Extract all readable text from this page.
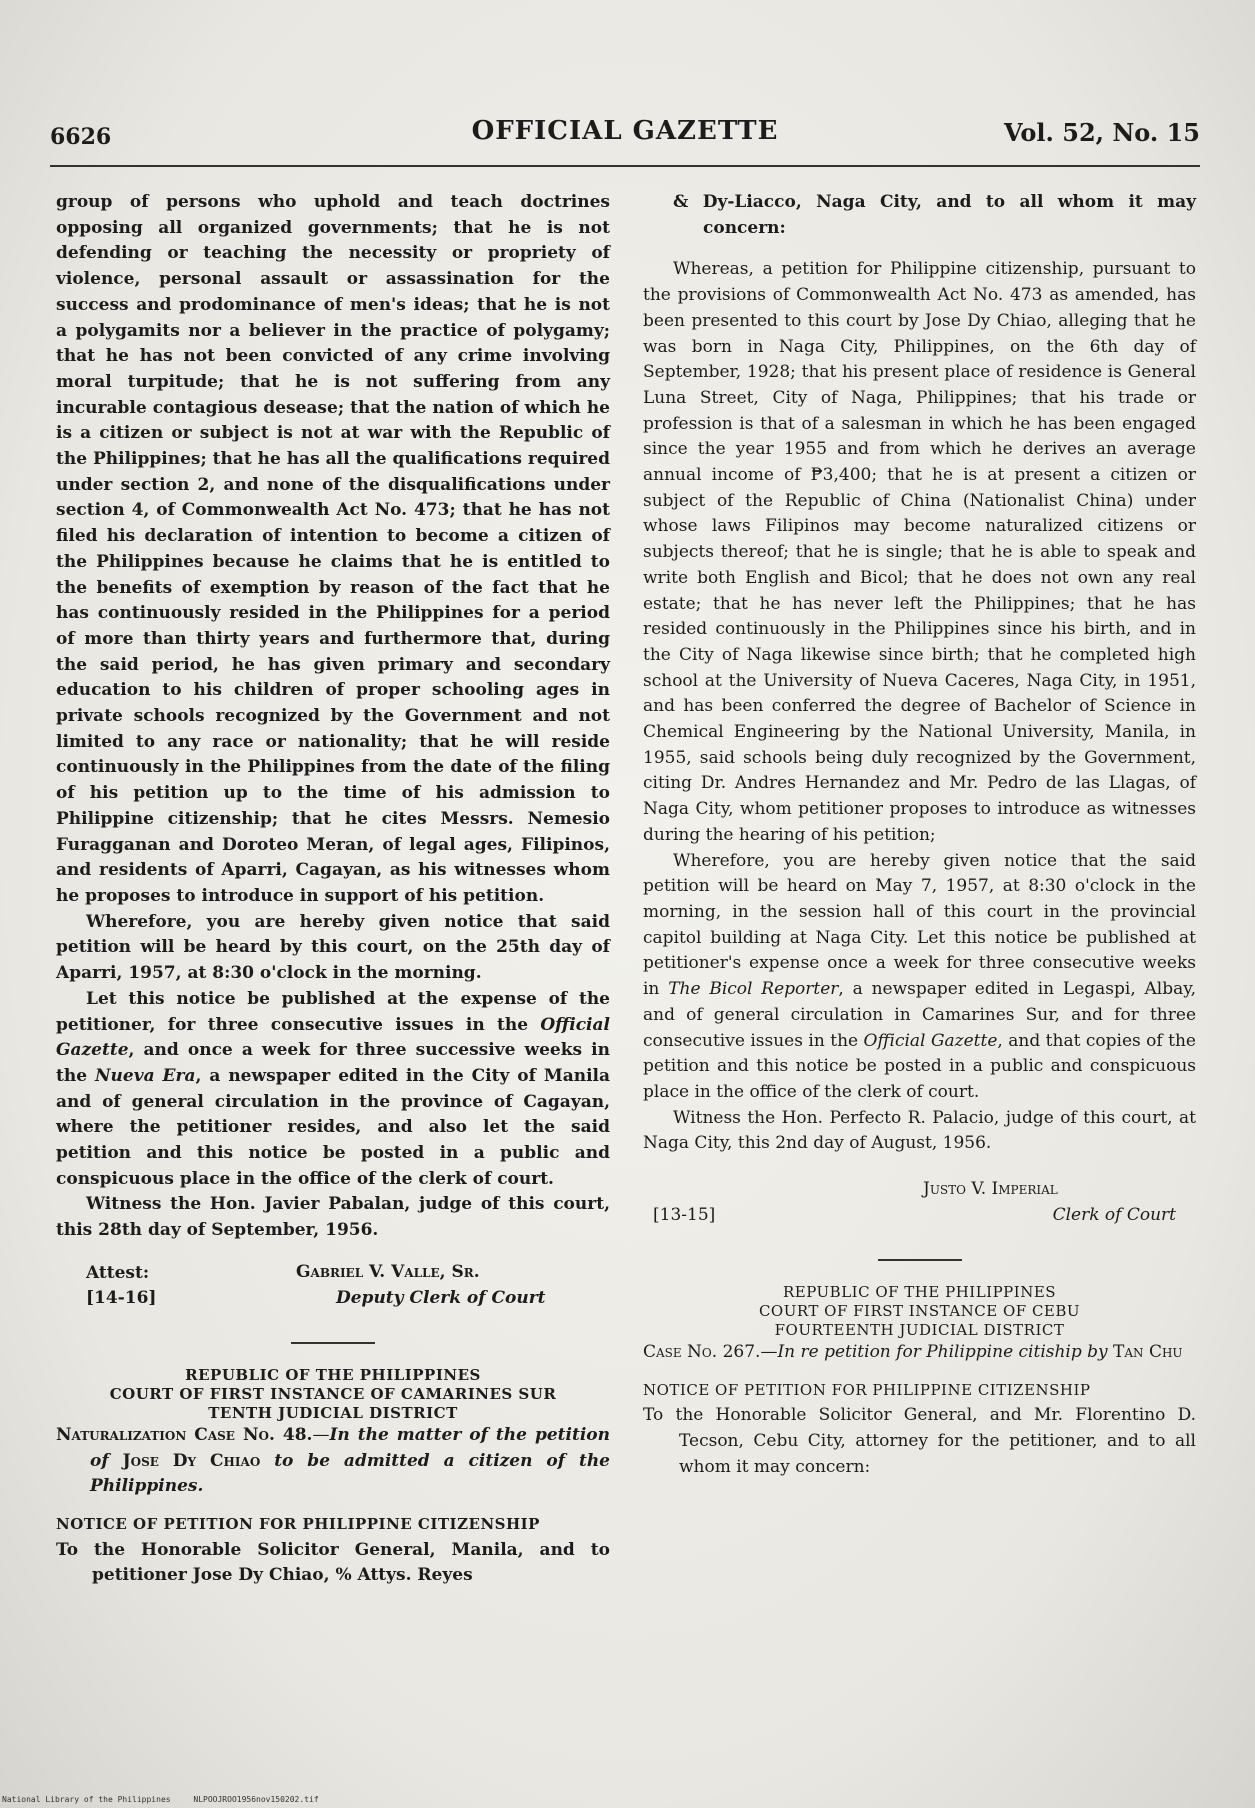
6626	OFFICIAL GAZETTE	Vol. 52, No. 15

group of persons who uphold and teach doctrines opposing all organized governments; that he is not defending or teaching the necessity or propriety of violence, personal assault or assassination for the success and prodominance of men's ideas; that he is not a polygamits nor a believer in the practice of polygamy; that he has not been convicted of any crime involving moral turpitude; that he is not suffering from any incurable contagious desease; that the nation of which he is a citizen or subject is not at war with the Republic of the Philippines; that he has all the qualifications required under section 2, and none of the disqualifications under section 4, of Commonwealth Act No. 473; that he has not filed his declaration of intention to become a citizen of the Philippines because he claims that he is entitled to the benefits of exemption by reason of the fact that he has continuously resided in the Philippines for a period of more than thirty years and furthermore that, during the said period, he has given primary and secondary education to his children of proper schooling ages in private schools recognized by the Government and not limited to any race or nationality; that he will reside continuously in the Philippines from the date of the filing of his petition up to the time of his admission to Philippine citizenship; that he cites Messrs. Nemesio Furagganan and Doroteo Meran, of legal ages, Filipinos, and residents of Aparri, Cagayan, as his witnesses whom he proposes to introduce in support of his petition.

Wherefore, you are hereby given notice that said petition will be heard by this court, on the 25th day of Aparri, 1957, at 8:30 o'clock in the morning.

Let this notice be published at the expense of the petitioner, for three consecutive issues in the Official Gazette, and once a week for three successive weeks in the Nueva Era, a newspaper edited in the City of Manila and of general circulation in the province of Cagayan, where the petitioner resides, and also let the said petition and this notice be posted in a public and conspicuous place in the office of the clerk of court.

Witness the Hon. Javier Pabalan, judge of this court, this 28th day of September, 1956.

Attest:
[14-16]
Gabriel V. Valle, Sr.
Deputy Clerk of Court
REPUBLIC OF THE PHILIPPINES
COURT OF FIRST INSTANCE OF CAMARINES SUR
TENTH JUDICIAL DISTRICT

Naturalization Case No. 48.—In the matter of the petition of Jose Dy Chiao to be admitted a citizen of the Philippines.

NOTICE OF PETITION FOR PHILIPPINE CITIZENSHIP

To the Honorable Solicitor General, Manila, and to petitioner Jose Dy Chiao, % Attys. Reyes

& Dy-Liacco, Naga City, and to all whom it may concern:

Whereas, a petition for Philippine citizenship, pursuant to the provisions of Commonwealth Act No. 473 as amended, has been presented to this court by Jose Dy Chiao, alleging that he was born in Naga City, Philippines, on the 6th day of September, 1928; that his present place of residence is General Luna Street, City of Naga, Philippines; that his trade or profession is that of a salesman in which he has been engaged since the year 1955 and from which he derives an average annual income of ₱3,400; that he is at present a citizen or subject of the Republic of China (Nationalist China) under whose laws Filipinos may become naturalized citizens or subjects thereof; that he is single; that he is able to speak and write both English and Bicol; that he does not own any real estate; that he has never left the Philippines; that he has resided continuously in the Philippines since his birth, and in the City of Naga likewise since birth; that he completed high school at the University of Nueva Caceres, Naga City, in 1951, and has been conferred the degree of Bachelor of Science in Chemical Engineering by the National University, Manila, in 1955, said schools being duly recognized by the Government, citing Dr. Andres Hernandez and Mr. Pedro de las Llagas, of Naga City, whom petitioner proposes to introduce as witnesses during the hearing of his petition;

Wherefore, you are hereby given notice that the said petition will be heard on May 7, 1957, at 8:30 o'clock in the morning, in the session hall of this court in the provincial capitol building at Naga City. Let this notice be published at petitioner's expense once a week for three consecutive weeks in The Bicol Reporter, a newspaper edited in Legaspi, Albay, and of general circulation in Camarines Sur, and for three consecutive issues in the Official Gazette, and that copies of the petition and this notice be posted in a public and conspicuous place in the office of the clerk of court.

Witness the Hon. Perfecto R. Palacio, judge of this court, at Naga City, this 2nd day of August, 1956.

Justo V. Imperial
[13-15]	Clerk of Court
REPUBLIC OF THE PHILIPPINES
COURT OF FIRST INSTANCE OF CEBU
FOURTEENTH JUDICIAL DISTRICT

Case No. 267.—In re petition for Philippine citiship by Tan Chu

NOTICE OF PETITION FOR PHILIPPINE CITIZENSHIP

To the Honorable Solicitor General, and Mr. Florentino D. Tecson, Cebu City, attorney for the petitioner, and to all whom it may concern:

National Library of the Philippines	NLPOOJROO1956nov150202.tif
